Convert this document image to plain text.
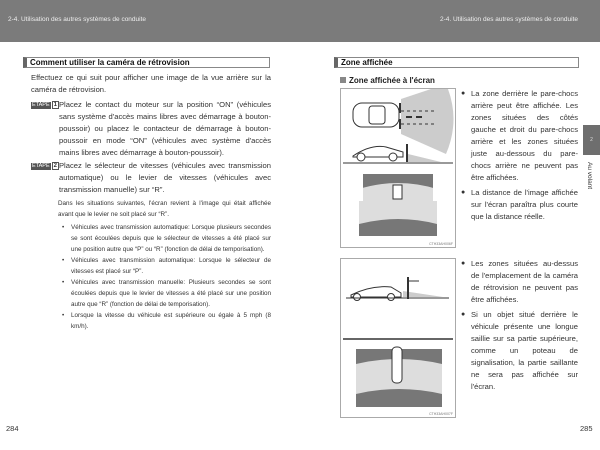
2-4. Utilisation des autres systèmes de conduite	2-4. Utilisation des autres systèmes de conduite
Comment utiliser la caméra de rétrovision
Effectuez ce qui suit pour afficher une image de la vue arrière sur la caméra de rétrovision.
ETAPE 1 Placez le contact du moteur sur la position “ON” (véhicules sans système d'accès mains libres avec démarrage à bouton-poussoir) ou placez le contacteur de démarrage à bouton-poussoir en mode “ON” (véhicules avec système d'accès mains libres avec démarrage à bouton-poussoir).
ETAPE 2 Placez le sélecteur de vitesses (véhicules avec transmission automatique) ou le levier de vitesses (véhicules avec transmission manuelle) sur “R”.
Dans les situations suivantes, l'écran revient à l'image qui était affichée avant que le levier ne soit placé sur “R”.
• Véhicules avec transmission automatique: Lorsque plusieurs secondes se sont écoulées depuis que le sélecteur de vitesses a été placé sur une position autre que “P” ou “R” (fonction de délai de temporisation).
• Véhicules avec transmission automatique: Lorsque le sélecteur de vitesses est placé sur “P”.
• Véhicules avec transmission manuelle: Plusieurs secondes se sont écoulées depuis que le levier de vitesses a été placé sur une position autre que “R” (fonction de délai de temporisation).
• Lorsque la vitesse du véhicule est supérieure ou égale à 5 mph (8 km/h).
284
Zone affichée
Zone affichée à l'écran
CTH33AH006F
● La zone derrière le pare-chocs arrière peut être affichée. Les zones situées des côtés gauche et droit du pare-chocs arrière et les zones situées juste au-dessous du pare-chocs arrière ne peuvent pas être affichées.
● La distance de l'image affichée sur l'écran paraîtra plus courte que la distance réelle.
CTH33AH007F
● Les zones situées au-dessus de l'emplacement de la caméra de rétrovision ne peuvent pas être affichées.
● Si un objet situé derrière le véhicule présente une longue saillie sur sa partie supérieure, comme un poteau de signalisation, la partie saillante ne sera pas affichée sur l'écran.
2
Au volant
285
